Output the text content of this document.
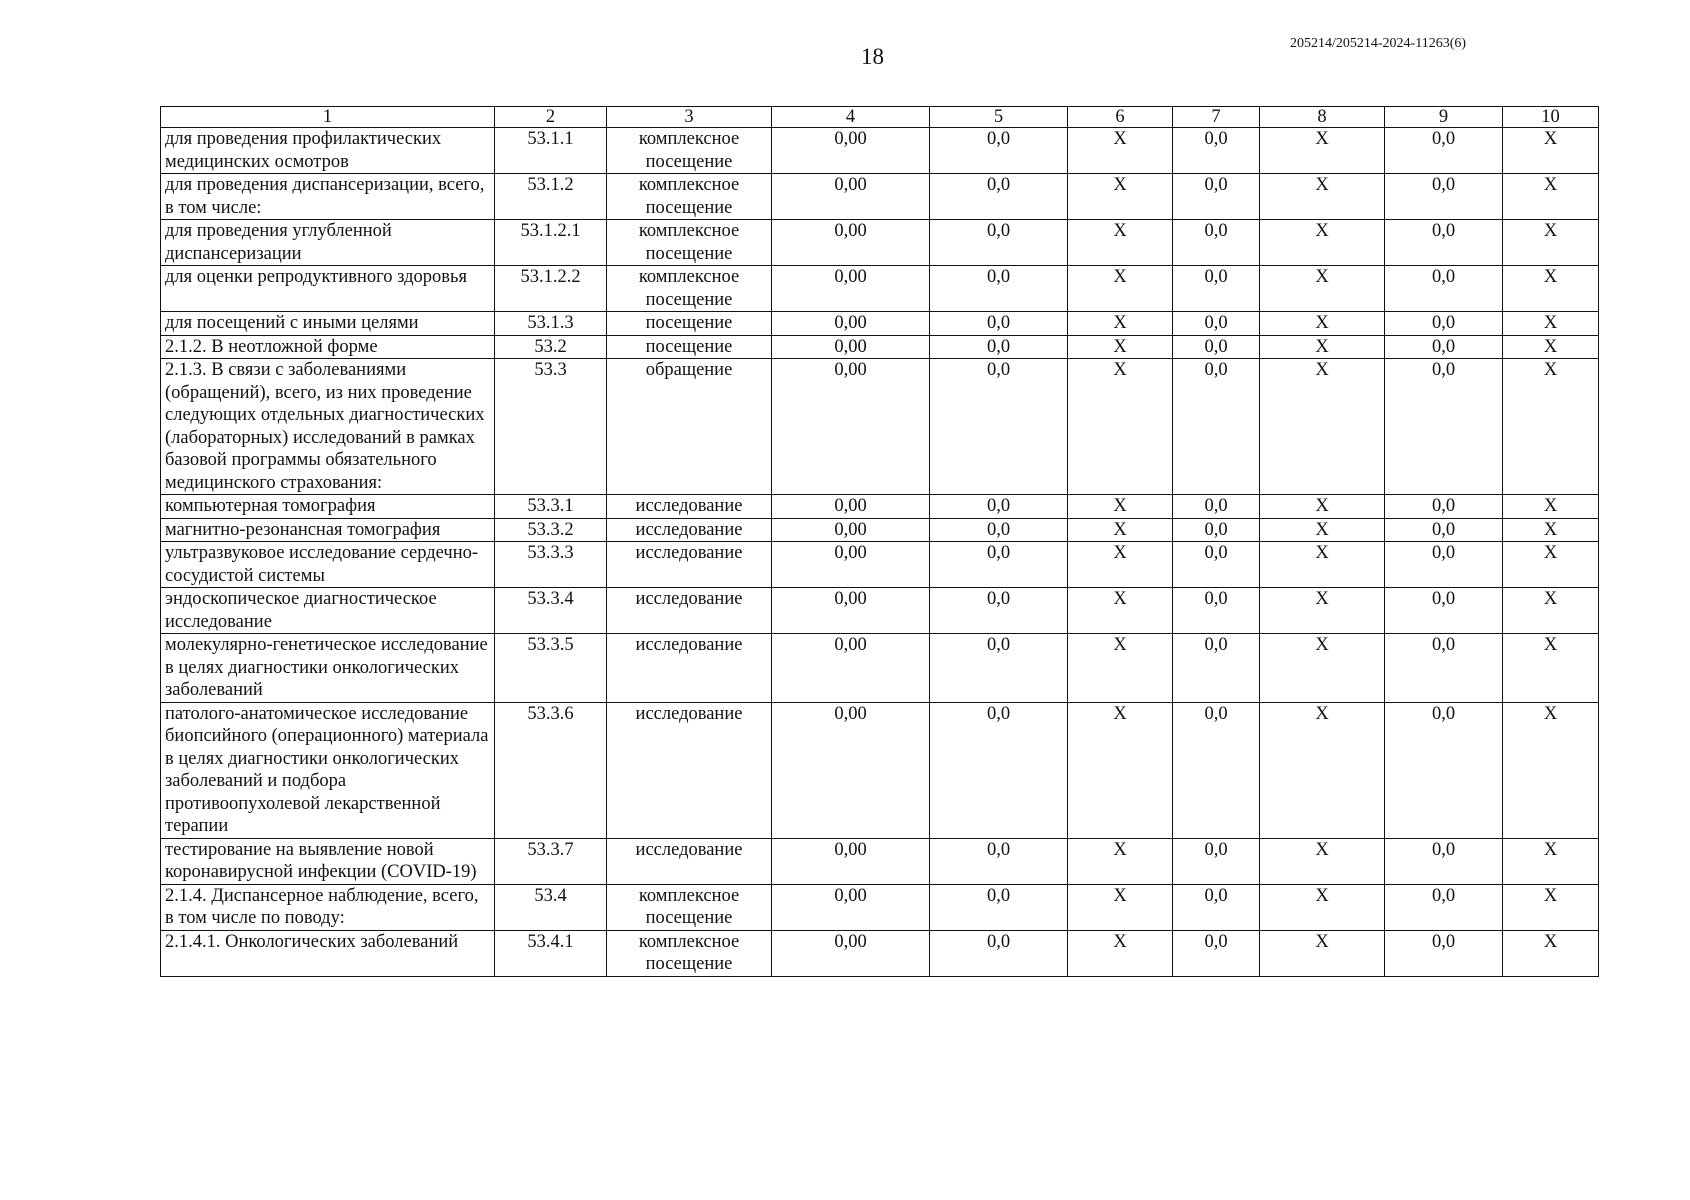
18
205214/205214-2024-11263(6)
1	2	3	4	5	6	7	8	9	10
для проведения профилактических медицинских осмотров	53.1.1	комплексное посещение	0,00	0,0	X	0,0	X	0,0	X
для проведения диспансеризации, всего, в том числе:	53.1.2	комплексное посещение	0,00	0,0	X	0,0	X	0,0	X
для проведения углубленной диспансеризации	53.1.2.1	комплексное посещение	0,00	0,0	X	0,0	X	0,0	X
для оценки репродуктивного здоровья	53.1.2.2	комплексное посещение	0,00	0,0	X	0,0	X	0,0	X
для посещений с иными целями	53.1.3	посещение	0,00	0,0	X	0,0	X	0,0	X
2.1.2. В неотложной форме	53.2	посещение	0,00	0,0	X	0,0	X	0,0	X
2.1.3. В связи с заболеваниями (обращений), всего, из них проведение следующих отдельных диагностических (лабораторных) исследований в рамках базовой программы обязательного медицинского страхования:	53.3	обращение	0,00	0,0	X	0,0	X	0,0	X
компьютерная томография	53.3.1	исследование	0,00	0,0	X	0,0	X	0,0	X
магнитно-резонансная томография	53.3.2	исследование	0,00	0,0	X	0,0	X	0,0	X
ультразвуковое исследование сердечно-сосудистой системы	53.3.3	исследование	0,00	0,0	X	0,0	X	0,0	X
эндоскопическое диагностическое исследование	53.3.4	исследование	0,00	0,0	X	0,0	X	0,0	X
молекулярно-генетическое исследование в целях диагностики онкологических заболеваний	53.3.5	исследование	0,00	0,0	X	0,0	X	0,0	X
патолого-анатомическое исследование биопсийного (операционного) материала в целях диагностики онкологических заболеваний и подбора противоопухолевой лекарственной терапии	53.3.6	исследование	0,00	0,0	X	0,0	X	0,0	X
тестирование на выявление новой коронавирусной инфекции (COVID-19)	53.3.7	исследование	0,00	0,0	X	0,0	X	0,0	X
2.1.4. Диспансерное наблюдение, всего, в том числе по поводу:	53.4	комплексное посещение	0,00	0,0	X	0,0	X	0,0	X
2.1.4.1. Онкологических заболеваний	53.4.1	комплексное посещение	0,00	0,0	X	0,0	X	0,0	X
